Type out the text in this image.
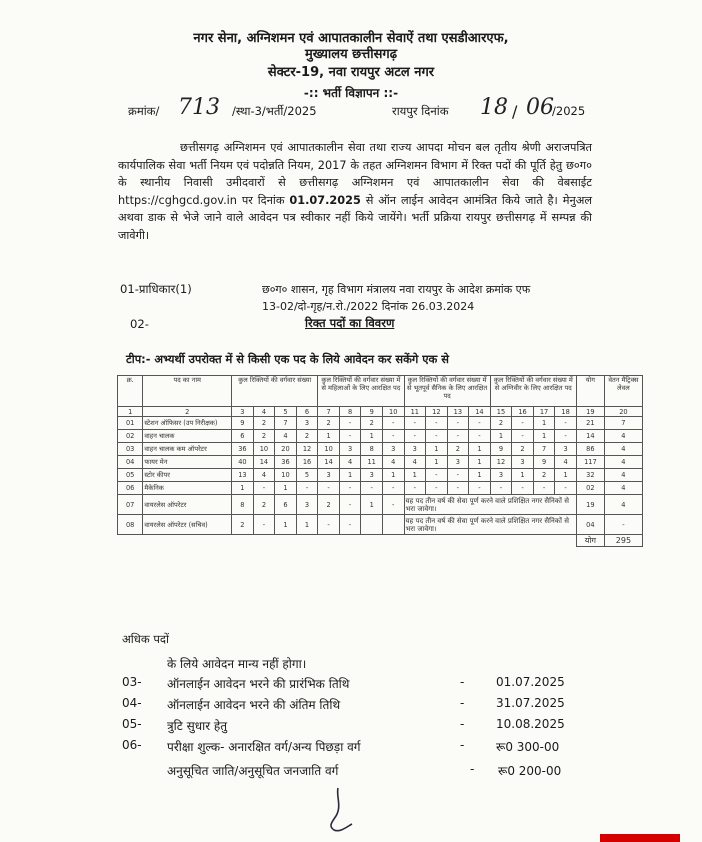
नगर सेना, अग्निशमन एवं आपातकालीन सेवाऐं तथा एसडीआरएफ,
मुख्यालय छत्तीसगढ़
सेक्टर-19, नवा रायपुर अटल नगर
-:: भर्ती विज्ञापन ::-
क्रमांक/ 713 /स्था-3/भर्ती/2025	रायपुर दिनांक 18 / 06
/2025
छत्तीसगढ़ अग्निशमन एवं आपातकालीन सेवा तथा राज्य आपदा मोचन बल तृतीय श्रेणी अराजपत्रित कार्यपालिक सेवा भर्ती नियम एवं पदोन्नति नियम, 2017 के तहत अग्निशमन विभाग में रिक्त पदों की पूर्ति हेतु छ०ग० के स्थानीय निवासी उमीदवारों से छत्तीसगढ़ अग्निशमन एवं आपातकालीन सेवा की वेबसाईट https://cghgcd.gov.in पर दिनांक 01.07.2025 से ऑन लाईन आवेदन आमंत्रित किये जाते है। मेनुअल अथवा डाक से भेजे जाने वाले आवेदन पत्र स्वीकार नहीं किये जायेंगे। भर्ती प्रक्रिया रायपुर छत्तीसगढ़ में सम्पन्न की जावेगी।
01-प्राधिकार(1)	छ०ग० शासन, गृह विभाग मंत्रालय नवा रायपुर के आदेश क्रमांक एफ
13-02/दो-गृह/न.रो./2022 दिनांक 26.03.2024
02-	रिक्त पदों का विवरण
टीप:- अभ्यर्थी उपरोक्त में से किसी एक पद के लिये आवेदन कर सकेंगे एक से
क्र.	पद का नाम	कुल रिक्तियों की वर्गवार संख्या				कुल रिक्तियों की वर्गवार संख्या में से महिलाओं के लिए आरक्षित पद				कुल रिक्तियों की वर्गवार संख्या में से भूतपूर्व सैनिक के लिए आरक्षित पद				कुल रिक्तियों की वर्गवार संख्या में से अग्निवीर के लिए आरक्षित पद				योग	वेतन मैट्रिक्स लेवल
1	2	3	4	5	6	7	8	9	10	11	12	13	14	15	16	17	18	19	20
01	स्टेशन ऑफिसर (उप निरीक्षक)	9	2	7	3	2	-	2	-	-	-	-	-	2	-	1	-	21	7
02	वाहन चालक	6	2	4	2	1	-	1	-	-	-	-	-	1	-	1	-	14	4
03	वाहन चालक कम ऑपरेटर	36	10	20	12	10	3	8	3	3	1	2	1	9	2	7	3	86	4
04	फायर मेन	40	14	36	16	14	4	11	4	4	1	3	1	12	3	9	4	117	4
05	स्टोर कीपर	13	4	10	5	3	1	3	1	1	-	-	1	3	1	2	1	32	4
06	मैकेनिक	1	-	1	-	-	-	-	-	-	-	-	-	-	-	-	-	02	4
07	वायरलेस ऑपरेटर	8	2	6	3	2	-	1	-	यह पद तीन वर्ष की सेवा पूर्ण करने वाले प्रशिक्षित नगर सैनिकों से भरा जावेगा।								19	4
08	वायरलेस ऑपरेटर (सचिव)	2	-	1	1	-	-			यह पद तीन वर्ष की सेवा पूर्ण करने वाले प्रशिक्षित नगर सैनिकों से भरा जावेगा।								04	-
																		योग	295
अधिक पदों
के लिये आवेदन मान्य नहीं होगा।
03- ऑनलाईन आवेदन भरने की प्रारंभिक तिथि	-	01.07.2025
04- ऑनलाईन आवेदन भरने की अंतिम तिथि	-	31.07.2025
05- त्रुटि सुधार हेतु	-	10.08.2025
06- परीक्षा शुल्क- अनारक्षित वर्ग/अन्य पिछड़ा वर्ग	-	रू0 300-00
अनुसूचित जाति/अनुसूचित जनजाति वर्ग	- रू0 200-00
